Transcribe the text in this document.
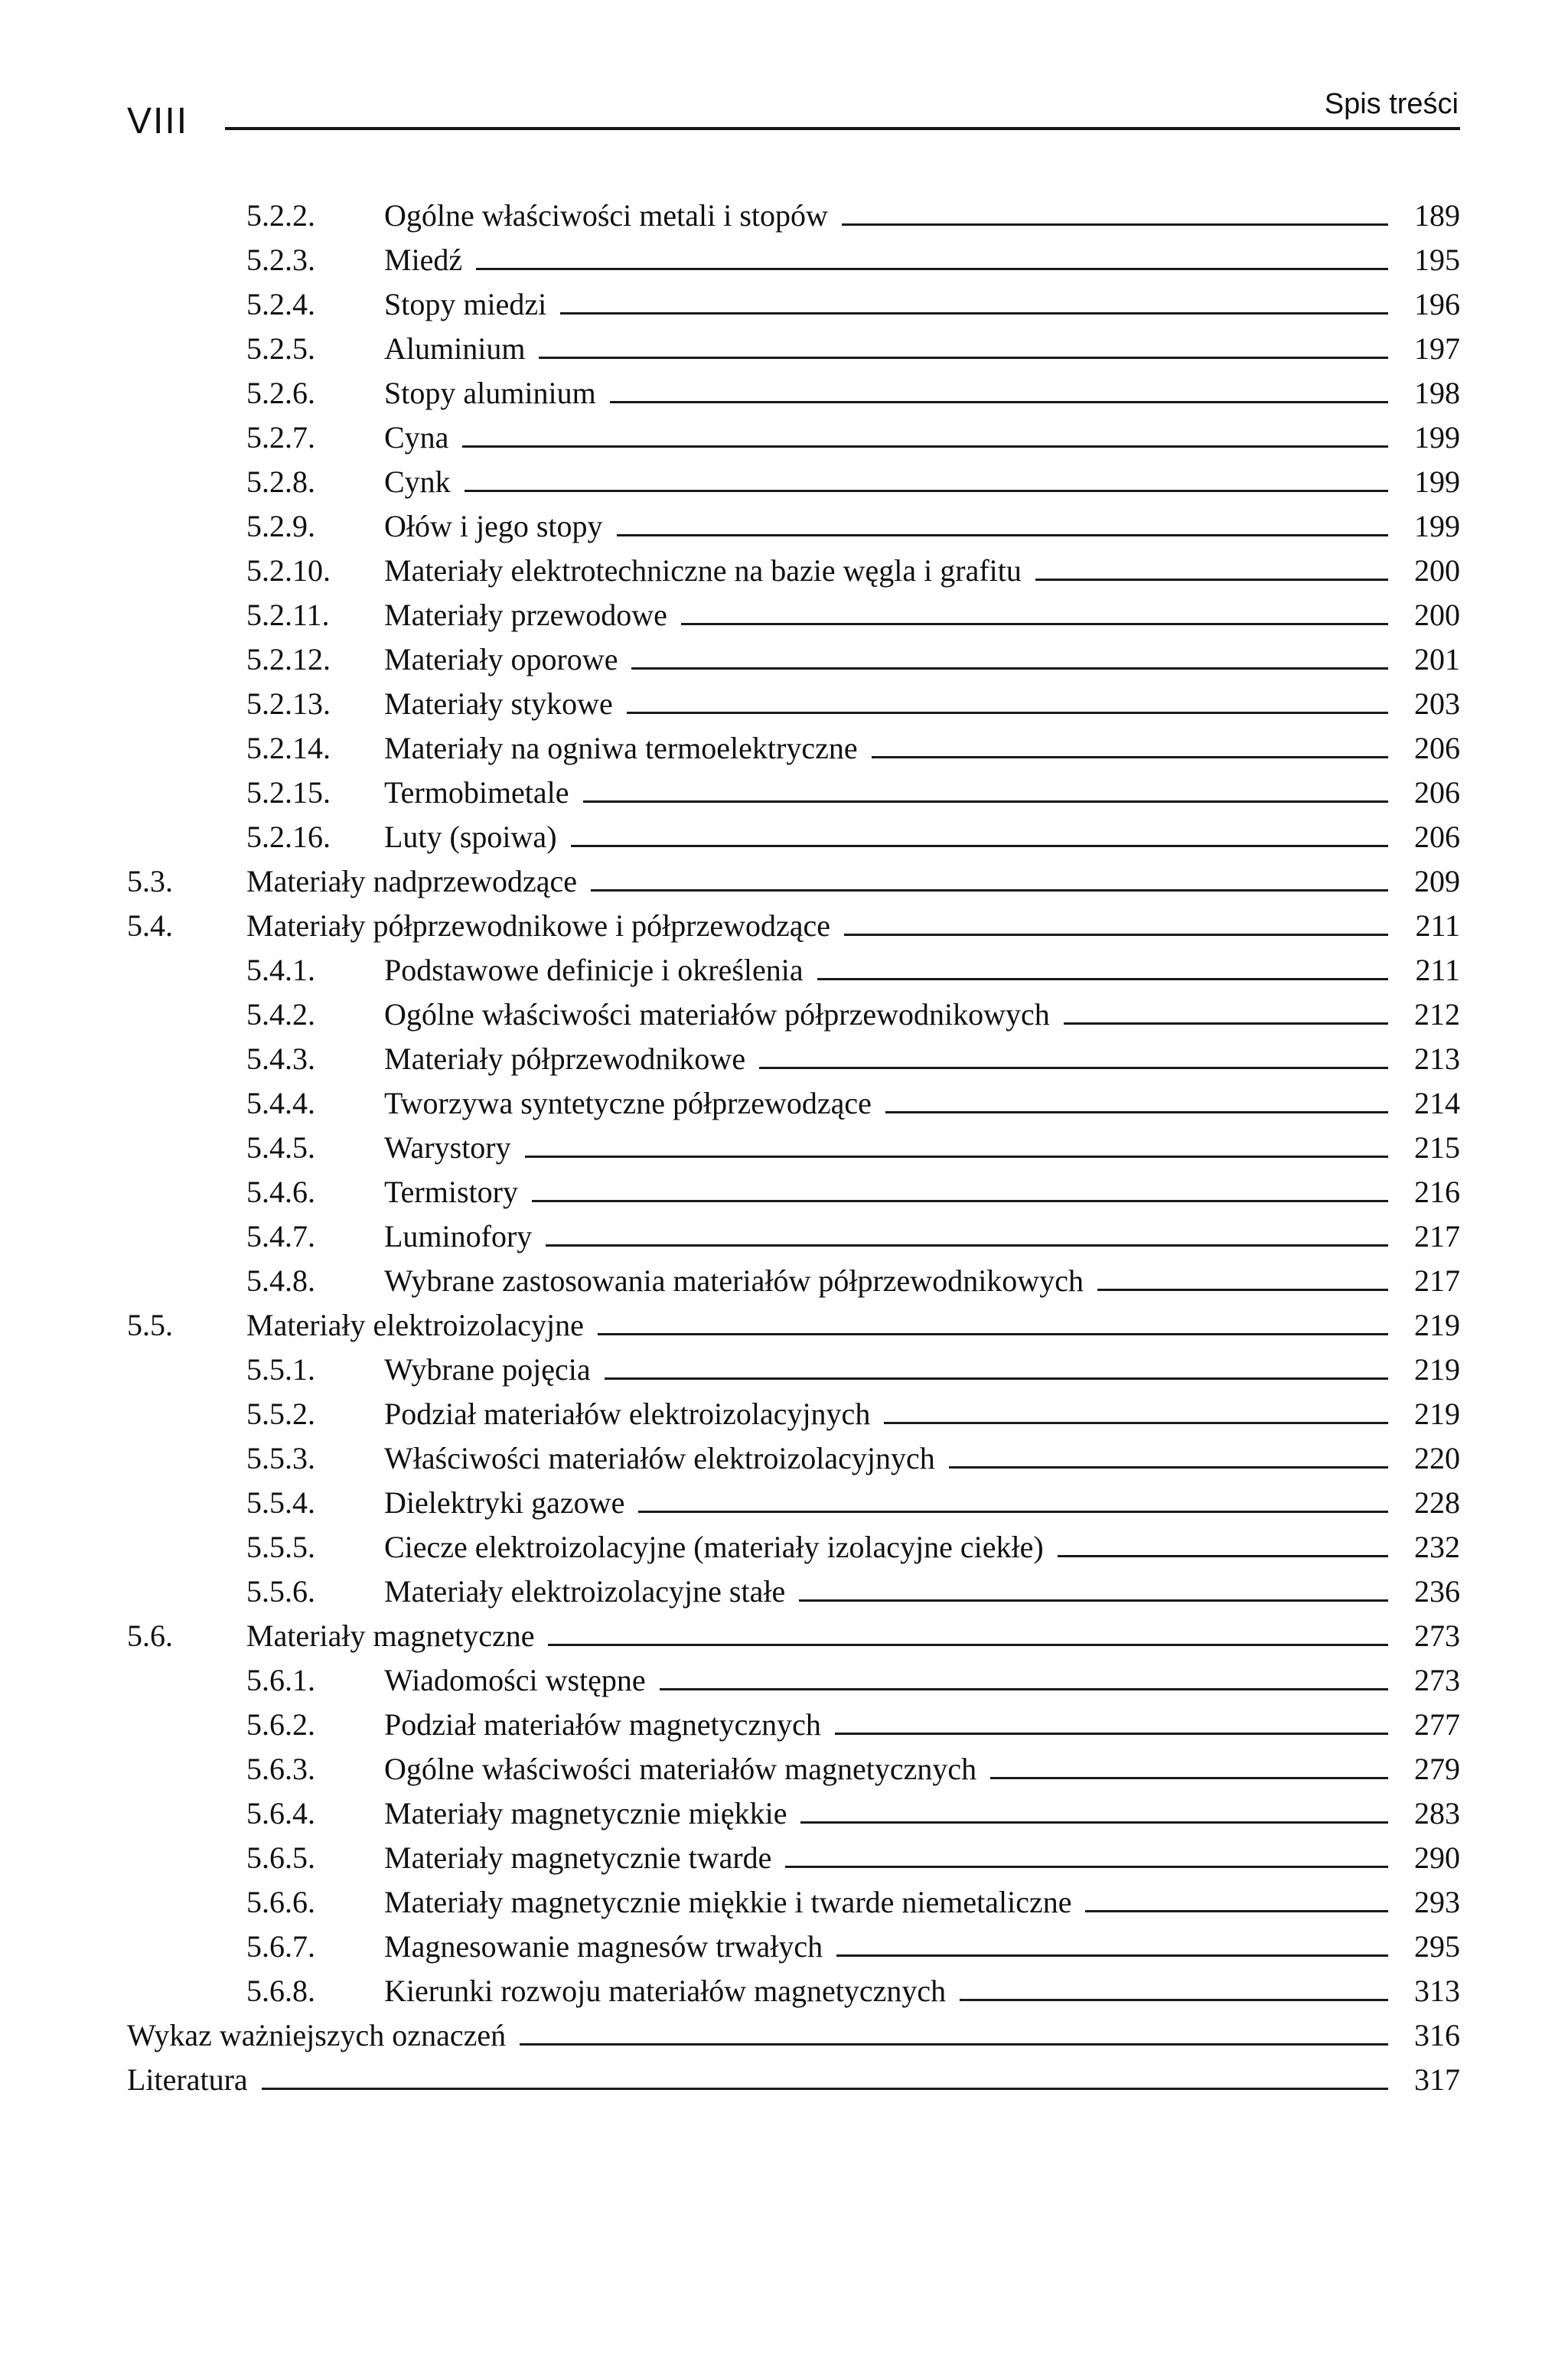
VIII	Spis treści
5.2.2.	Ogólne właściwości metali i stopów	189
5.2.3.	Miedź	195
5.2.4.	Stopy miedzi	196
5.2.5.	Aluminium	197
5.2.6.	Stopy aluminium	198
5.2.7.	Cyna	199
5.2.8.	Cynk	199
5.2.9.	Ołów i jego stopy	199
5.2.10.	Materiały elektrotechniczne na bazie węgla i grafitu	200
5.2.11.	Materiały przewodowe	200
5.2.12.	Materiały oporowe	201
5.2.13.	Materiały stykowe	203
5.2.14.	Materiały na ogniwa termoelektryczne	206
5.2.15.	Termobimetale	206
5.2.16.	Luty (spoiwa)	206
5.3.	Materiały nadprzewodzące	209
5.4.	Materiały półprzewodnikowe i półprzewodzące	211
5.4.1.	Podstawowe definicje i określenia	211
5.4.2.	Ogólne właściwości materiałów półprzewodnikowych	212
5.4.3.	Materiały półprzewodnikowe	213
5.4.4.	Tworzywa syntetyczne półprzewodzące	214
5.4.5.	Warystory	215
5.4.6.	Termistory	216
5.4.7.	Luminofory	217
5.4.8.	Wybrane zastosowania materiałów półprzewodnikowych	217
5.5.	Materiały elektroizolacyjne	219
5.5.1.	Wybrane pojęcia	219
5.5.2.	Podział materiałów elektroizolacyjnych	219
5.5.3.	Właściwości materiałów elektroizolacyjnych	220
5.5.4.	Dielektryki gazowe	228
5.5.5.	Ciecze elektroizolacyjne (materiały izolacyjne ciekłe)	232
5.5.6.	Materiały elektroizolacyjne stałe	236
5.6.	Materiały magnetyczne	273
5.6.1.	Wiadomości wstępne	273
5.6.2.	Podział materiałów magnetycznych	277
5.6.3.	Ogólne właściwości materiałów magnetycznych	279
5.6.4.	Materiały magnetycznie miękkie	283
5.6.5.	Materiały magnetycznie twarde	290
5.6.6.	Materiały magnetycznie miękkie i twarde niemetaliczne	293
5.6.7.	Magnesowanie magnesów trwałych	295
5.6.8.	Kierunki rozwoju materiałów magnetycznych	313
Wykaz ważniejszych oznaczeń	316
Literatura	317
